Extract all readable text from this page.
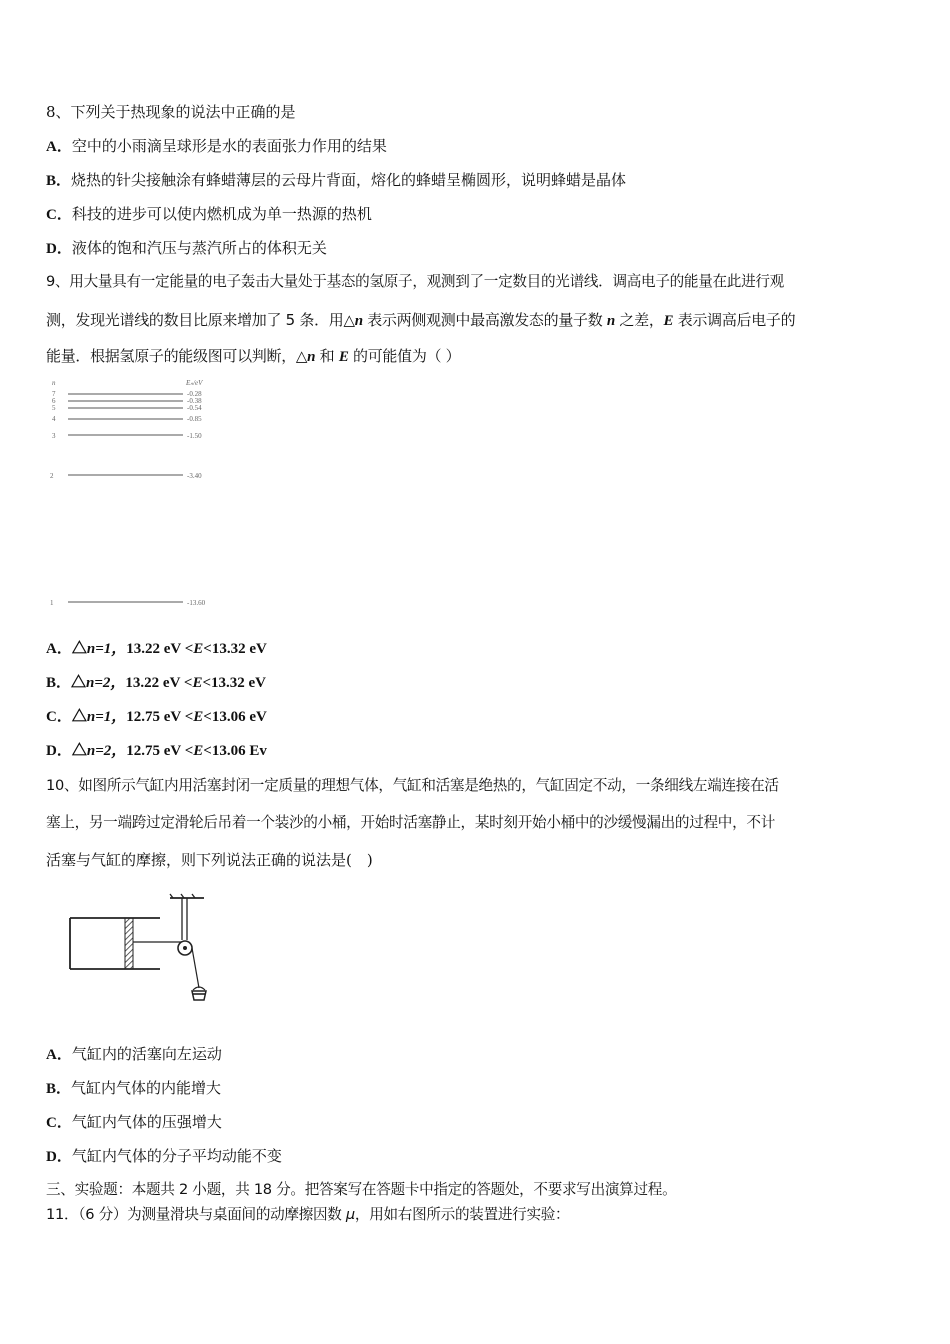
8、下列关于热现象的说法中正确的是
A．空中的小雨滴呈球形是水的表面张力作用的结果
B．烧热的针尖接触涂有蜂蜡薄层的云母片背面，熔化的蜂蜡呈椭圆形，说明蜂蜡是晶体
C．科技的进步可以使内燃机成为单一热源的热机
D．液体的饱和汽压与蒸汽所占的体积无关
9、用大量具有一定能量的电子轰击大量处于基态的氢原子，观测到了一定数目的光谱线．调高电子的能量在此进行观
测，发现光谱线的数目比原来增加了 5 条．用△n 表示两侧观测中最高激发态的量子数 n 之差，E 表示调高后电子的
能量．根据氢原子的能级图可以判断，△n 和 E 的可能值为（ ）
n	Eₙ/eV
7
6
5
4
3
2
1
-0.28
-0.38
-0.54
-0.85
-1.50
-3.40
-13.60
A．△n=1，13.22 eV <E<13.32 eV
B．△n=2，13.22 eV <E<13.32 eV
C．△n=1，12.75 eV <E<13.06 eV
D．△n=2，12.75 eV <E<13.06 Ev
10、如图所示气缸内用活塞封闭一定质量的理想气体，气缸和活塞是绝热的，气缸固定不动，一条细线左端连接在活
塞上，另一端跨过定滑轮后吊着一个装沙的小桶，开始时活塞静止，某时刻开始小桶中的沙缓慢漏出的过程中，不计
活塞与气缸的摩擦，则下列说法正确的说法是(　)
A．气缸内的活塞向左运动
B．气缸内气体的内能增大
C．气缸内气体的压强增大
D．气缸内气体的分子平均动能不变
三、实验题：本题共 2 小题，共 18 分。把答案写在答题卡中指定的答题处，不要求写出演算过程。
11．（6 分）为测量滑块与桌面间的动摩擦因数 μ，用如右图所示的装置进行实验：
